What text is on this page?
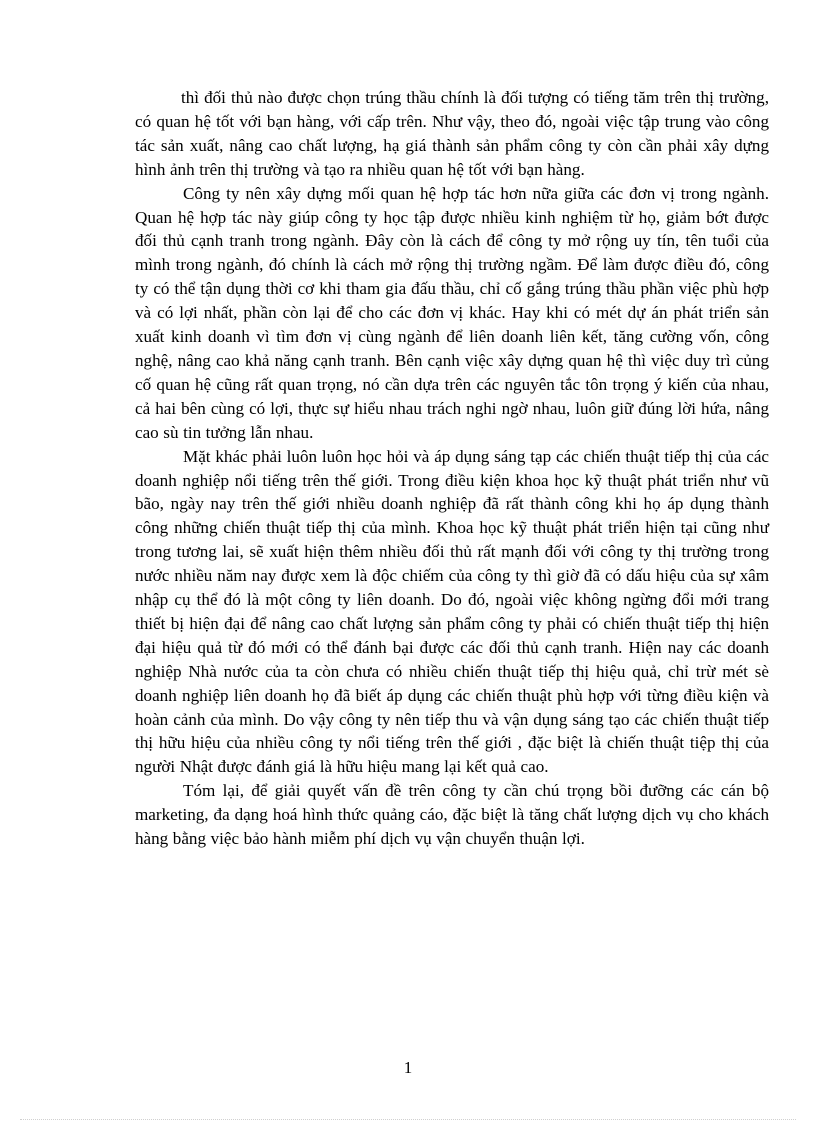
thì đối thủ nào được chọn trúng thầu chính là đối tượng có tiếng tăm trên thị trường, có quan hệ tốt với bạn hàng, với cấp trên. Như vậy, theo đó, ngoài việc tập trung vào công tác sản xuất, nâng cao chất lượng, hạ giá thành sản phẩm công ty còn cần phải xây dựng hình ảnh trên thị trường và tạo ra nhiều quan hệ tốt với bạn hàng.

Công ty nên xây dựng mối quan hệ hợp tác hơn nữa giữa các đơn vị trong ngành. Quan hệ hợp tác này giúp công ty học tập được nhiều kinh nghiệm từ họ, giảm bớt được đối thủ cạnh tranh trong ngành. Đây còn là cách để công ty mở rộng uy tín, tên tuổi của mình trong ngành, đó chính là cách mở rộng thị trường ngầm. Để làm được điều đó, công ty có thể tận dụng thời cơ khi tham gia đấu thầu, chỉ cố gắng trúng thầu phần việc phù hợp và có lợi nhất, phần còn lại để cho các đơn vị khác. Hay khi có mét dự án phát triển sản xuất kinh doanh vì tìm đơn vị cùng ngành để liên doanh liên kết, tăng cường vốn, công nghệ, nâng cao khả năng cạnh tranh. Bên cạnh việc xây dựng quan hệ thì việc duy trì củng cố quan hệ cũng rất quan trọng, nó cần dựa trên các nguyên tắc tôn trọng ý kiến của nhau, cả hai bên cùng có lợi, thực sự hiểu nhau trách nghi ngờ nhau, luôn giữ đúng lời hứa, nâng cao sù tin tưởng lẫn nhau.

Mặt khác phải luôn luôn học hỏi và áp dụng sáng tạp các chiến thuật tiếp thị của các doanh nghiệp nổi tiếng trên thế giới. Trong điều kiện khoa học kỹ thuật phát triển như vũ bão, ngày nay trên thế giới nhiều doanh nghiệp đã rất thành công khi họ áp dụng thành công những chiến thuật tiếp thị của mình. Khoa học kỹ thuật phát triển hiện tại cũng như trong tương lai, sẽ xuất hiện thêm nhiều đối thủ rất mạnh đối với công ty thị trường trong nước nhiều năm nay được xem là độc chiếm của công ty thì giờ đã có dấu hiệu của sự xâm nhập cụ thể đó là một công ty liên doanh. Do đó, ngoài việc không ngừng đổi mới trang thiết bị hiện đại để nâng cao chất lượng sản phẩm công ty phải có chiến thuật tiếp thị hiện đại hiệu quả từ đó mới có thể đánh bại được các đối thủ cạnh tranh. Hiện nay các doanh nghiệp Nhà nước của ta còn chưa có nhiều chiến thuật tiếp thị hiệu quả, chỉ trừ mét sè doanh nghiệp liên doanh họ đã biết áp dụng các chiến thuật phù hợp với từng điều kiện và hoàn cảnh của mình. Do vậy công ty nên tiếp thu và vận dụng sáng tạo các chiến thuật tiếp thị hữu hiệu của nhiều công ty nổi tiếng trên thế giới , đặc biệt là chiến thuật tiệp thị của người Nhật được đánh giá là hữu hiệu mang lại kết quả cao.

Tóm lại, để giải quyết vấn đề trên công ty cần chú trọng bồi đưỡng các cán bộ marketing, đa dạng hoá hình thức quảng cáo, đặc biệt là tăng chất lượng dịch vụ cho khách hàng bằng việc bảo hành miễm phí dịch vụ vận chuyển thuận lợi.

1
